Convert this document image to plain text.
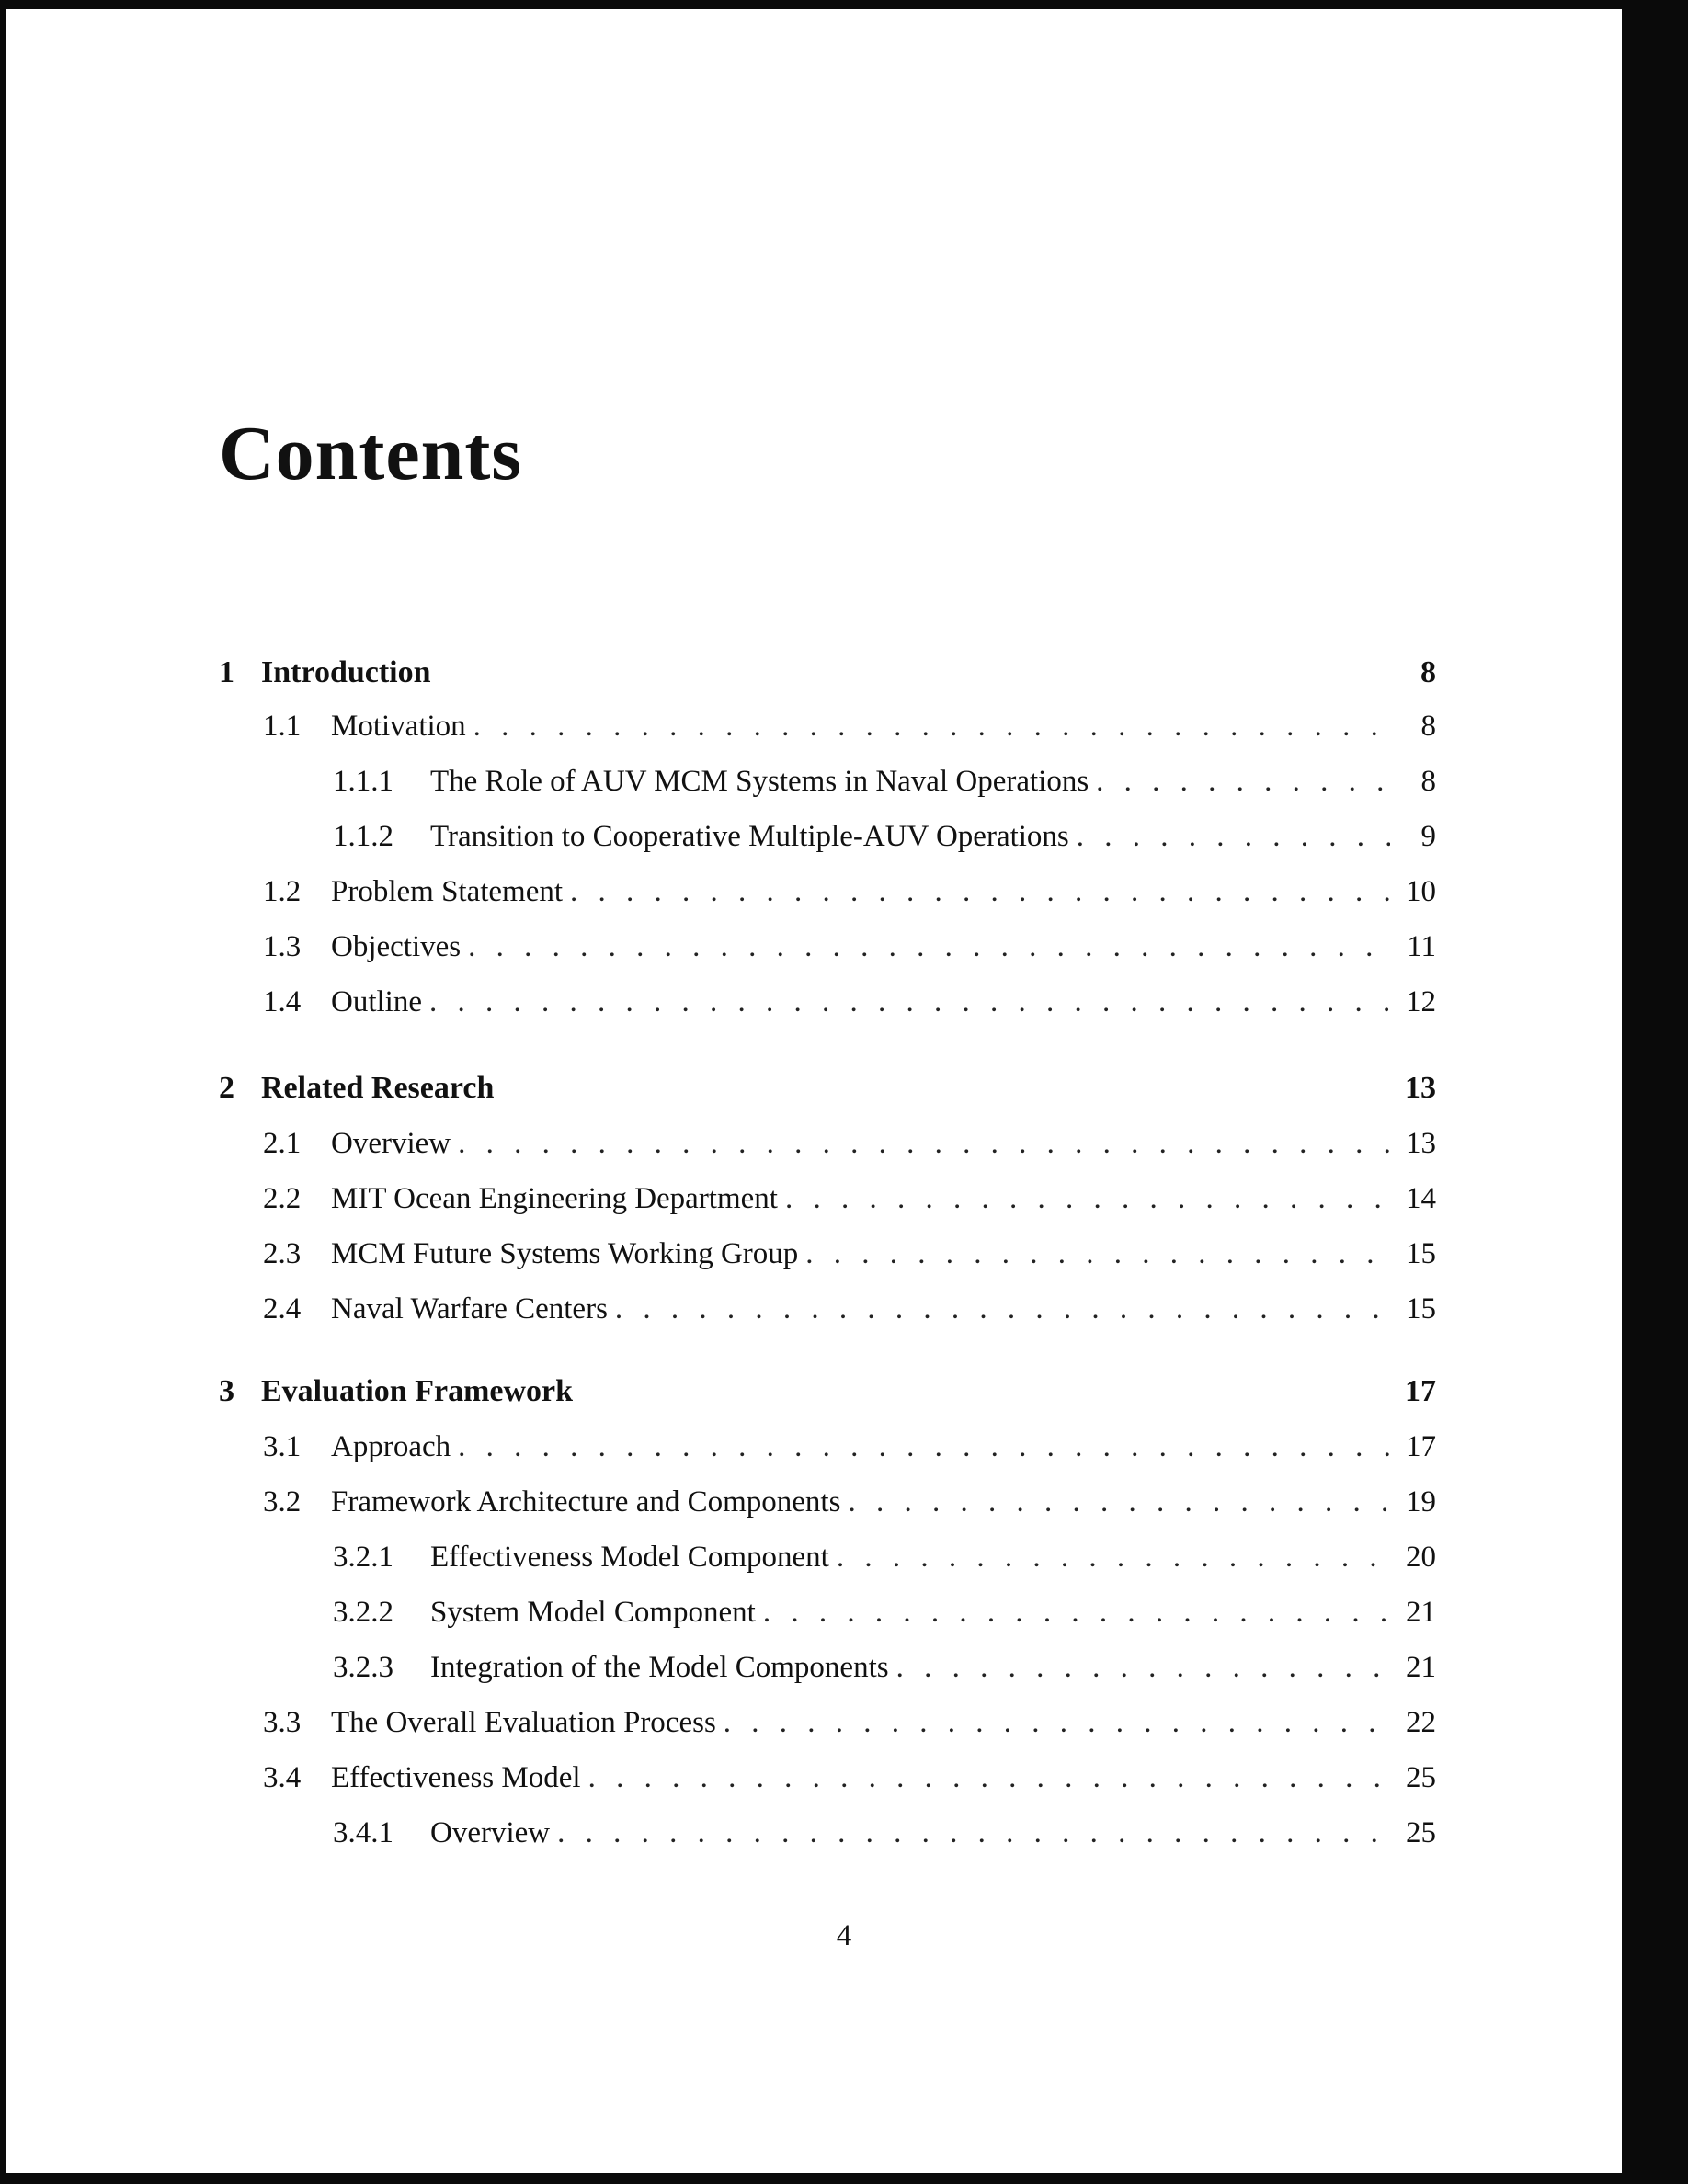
Contents
1 Introduction	8
1.1 Motivation . . .	8
1.1.1	The Role of AUV MCM Systems in Naval Operations . . .	8
1.1.2	Transition to Cooperative Multiple-AUV Operations . . .	9
1.2 Problem Statement . . .	10
1.3 Objectives . . .	11
1.4 Outline . . .	12
2 Related Research	13
2.1 Overview . . .	13
2.2 MIT Ocean Engineering Department . . .	14
2.3 MCM Future Systems Working Group . . .	15
2.4 Naval Warfare Centers . . .	15
3 Evaluation Framework	17
3.1 Approach . . .	17
3.2 Framework Architecture and Components . . .	19
3.2.1	Effectiveness Model Component . . .	20
3.2.2	System Model Component . . .	21
3.2.3	Integration of the Model Components . . .	21
3.3 The Overall Evaluation Process . . .	22
3.4 Effectiveness Model . . .	25
3.4.1	Overview . . .	25
4
